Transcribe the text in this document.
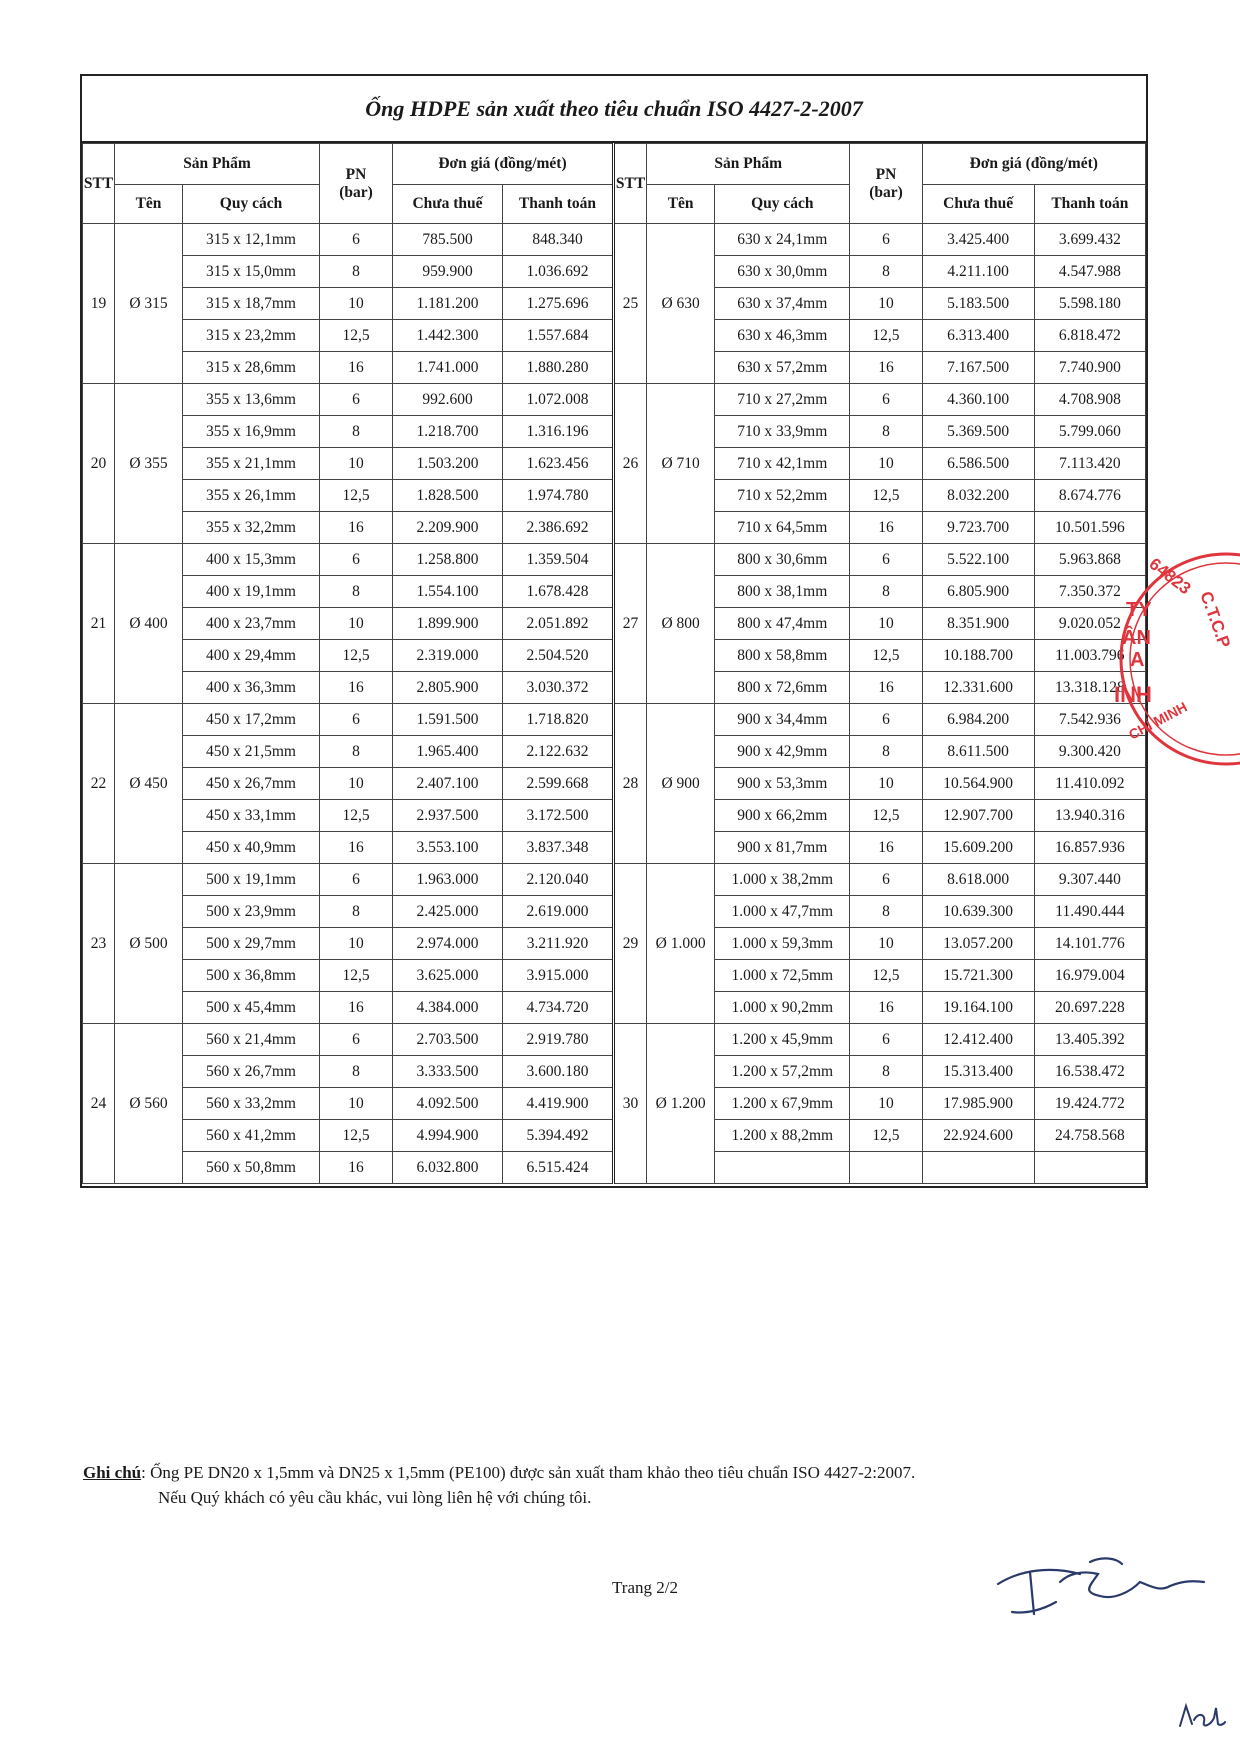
Ống HDPE sản xuất theo tiêu chuẩn ISO 4427-2-2007
STT	Sản Phẩm		PN
(bar)	Đơn giá (đồng/mét)	
	Tên	Quy cách		Chưa thuế	Thanh toán
19	Ø 315	315 x 12,1mm	6	785.500	848.340
		315 x 15,0mm	8	959.900	1.036.692
		315 x 18,7mm	10	1.181.200	1.275.696
		315 x 23,2mm	12,5	1.442.300	1.557.684
		315 x 28,6mm	16	1.741.000	1.880.280
20	Ø 355	355 x 13,6mm	6	992.600	1.072.008
		355 x 16,9mm	8	1.218.700	1.316.196
		355 x 21,1mm	10	1.503.200	1.623.456
		355 x 26,1mm	12,5	1.828.500	1.974.780
		355 x 32,2mm	16	2.209.900	2.386.692
21	Ø 400	400 x 15,3mm	6	1.258.800	1.359.504
		400 x 19,1mm	8	1.554.100	1.678.428
		400 x 23,7mm	10	1.899.900	2.051.892
		400 x 29,4mm	12,5	2.319.000	2.504.520
		400 x 36,3mm	16	2.805.900	3.030.372
22	Ø 450	450 x 17,2mm	6	1.591.500	1.718.820
		450 x 21,5mm	8	1.965.400	2.122.632
		450 x 26,7mm	10	2.407.100	2.599.668
		450 x 33,1mm	12,5	2.937.500	3.172.500
		450 x 40,9mm	16	3.553.100	3.837.348
23	Ø 500	500 x 19,1mm	6	1.963.000	2.120.040
		500 x 23,9mm	8	2.425.000	2.619.000
		500 x 29,7mm	10	2.974.000	3.211.920
		500 x 36,8mm	12,5	3.625.000	3.915.000
		500 x 45,4mm	16	4.384.000	4.734.720
24	Ø 560	560 x 21,4mm	6	2.703.500	2.919.780
		560 x 26,7mm	8	3.333.500	3.600.180
		560 x 33,2mm	10	4.092.500	4.419.900
		560 x 41,2mm	12,5	4.994.900	5.394.492
		560 x 50,8mm	16	6.032.800	6.515.424
STT	Sản Phẩm		PN
(bar)	Đơn giá (đồng/mét)	
	Tên	Quy cách		Chưa thuế	Thanh toán
25	Ø 630	630 x 24,1mm	6	3.425.400	3.699.432
		630 x 30,0mm	8	4.211.100	4.547.988
		630 x 37,4mm	10	5.183.500	5.598.180
		630 x 46,3mm	12,5	6.313.400	6.818.472
		630 x 57,2mm	16	7.167.500	7.740.900
26	Ø 710	710 x 27,2mm	6	4.360.100	4.708.908
		710 x 33,9mm	8	5.369.500	5.799.060
		710 x 42,1mm	10	6.586.500	7.113.420
		710 x 52,2mm	12,5	8.032.200	8.674.776
		710 x 64,5mm	16	9.723.700	10.501.596
27	Ø 800	800 x 30,6mm	6	5.522.100	5.963.868
		800 x 38,1mm	8	6.805.900	7.350.372
		800 x 47,4mm	10	8.351.900	9.020.052
		800 x 58,8mm	12,5	10.188.700	11.003.796
		800 x 72,6mm	16	12.331.600	13.318.128
28	Ø 900	900 x 34,4mm	6	6.984.200	7.542.936
		900 x 42,9mm	8	8.611.500	9.300.420
		900 x 53,3mm	10	10.564.900	11.410.092
		900 x 66,2mm	12,5	12.907.700	13.940.316
		900 x 81,7mm	16	15.609.200	16.857.936
29	Ø 1.000	1.000 x 38,2mm	6	8.618.000	9.307.440
		1.000 x 47,7mm	8	10.639.300	11.490.444
		1.000 x 59,3mm	10	13.057.200	14.101.776
		1.000 x 72,5mm	12,5	15.721.300	16.979.004
		1.000 x 90,2mm	16	19.164.100	20.697.228
30	Ø 1.200	1.200 x 45,9mm	6	12.412.400	13.405.392
		1.200 x 57,2mm	8	15.313.400	16.538.472
		1.200 x 67,9mm	10	17.985.900	19.424.772
		1.200 x 88,2mm	12,5	22.924.600	24.758.568

64823
C.T.C.P
TY
ÂN
A
INH
CHÍ MINH
Ghi chú: Ống PE DN20 x 1,5mm và DN25 x 1,5mm (PE100) được sản xuất tham khảo theo tiêu chuẩn ISO 4427-2:2007.
Nếu Quý khách có yêu cầu khác, vui lòng liên hệ với chúng tôi.
Trang 2/2
